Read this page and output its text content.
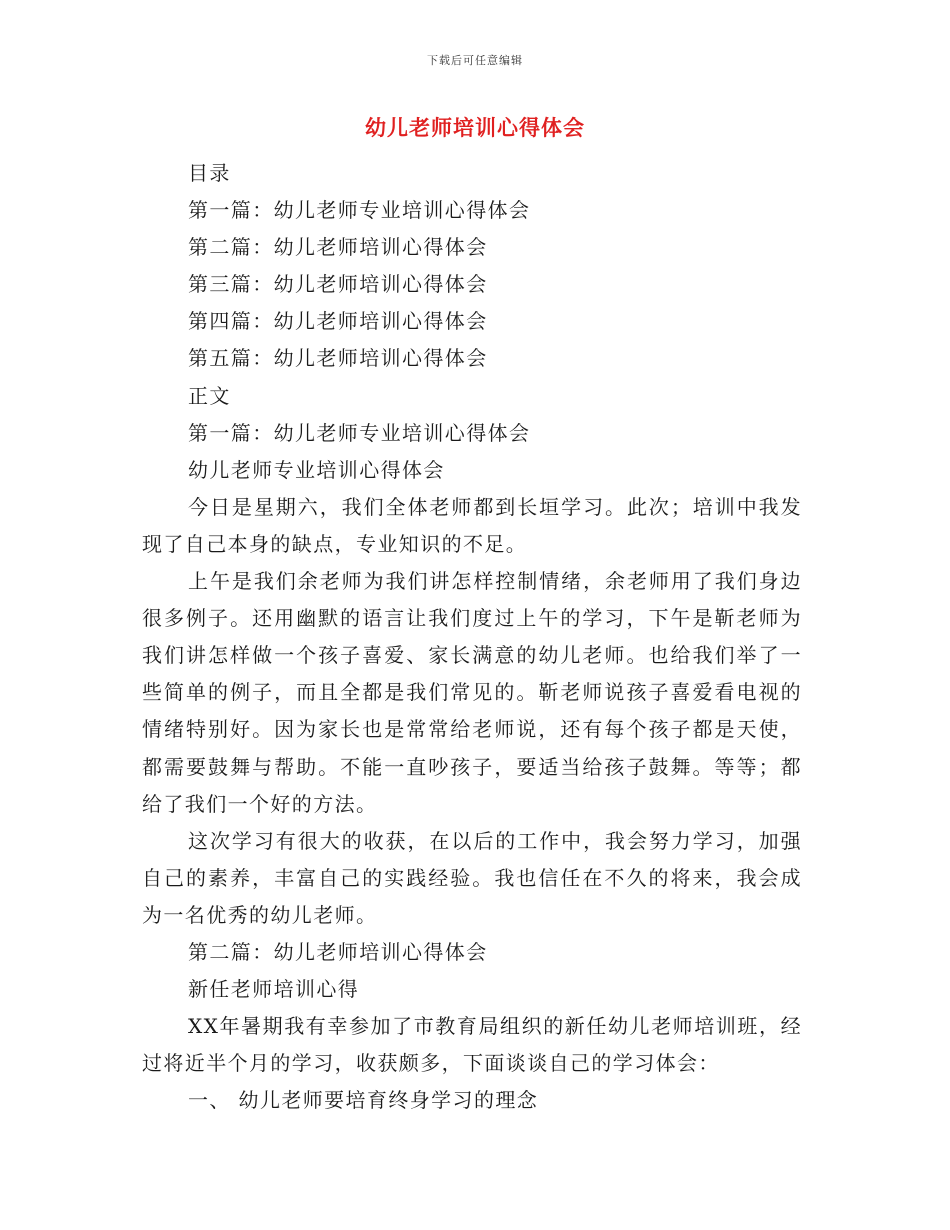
下载后可任意编辑
幼儿老师培训心得体会

目录

第一篇：幼儿老师专业培训心得体会

第二篇：幼儿老师培训心得体会

第三篇：幼儿老师培训心得体会

第四篇：幼儿老师培训心得体会

第五篇：幼儿老师培训心得体会

正文

第一篇：幼儿老师专业培训心得体会

幼儿老师专业培训心得体会

今日是星期六，我们全体老师都到长垣学习。此次；培训中我发现了自己本身的缺点，专业知识的不足。

上午是我们余老师为我们讲怎样控制情绪，余老师用了我们身边很多例子。还用幽默的语言让我们度过上午的学习，下午是靳老师为我们讲怎样做一个孩子喜爱、家长满意的幼儿老师。也给我们举了一些简单的例子，而且全都是我们常见的。靳老师说孩子喜爱看电视的情绪特别好。因为家长也是常常给老师说，还有每个孩子都是天使，都需要鼓舞与帮助。不能一直吵孩子，要适当给孩子鼓舞。等等；都给了我们一个好的方法。

这次学习有很大的收获，在以后的工作中，我会努力学习，加强自己的素养，丰富自己的实践经验。我也信任在不久的将来，我会成为一名优秀的幼儿老师。

第二篇：幼儿老师培训心得体会

新任老师培训心得

XX年暑期我有幸参加了市教育局组织的新任幼儿老师培训班，经过将近半个月的学习，收获颇多，下面谈谈自己的学习体会：

一、 幼儿老师要培育终身学习的理念
